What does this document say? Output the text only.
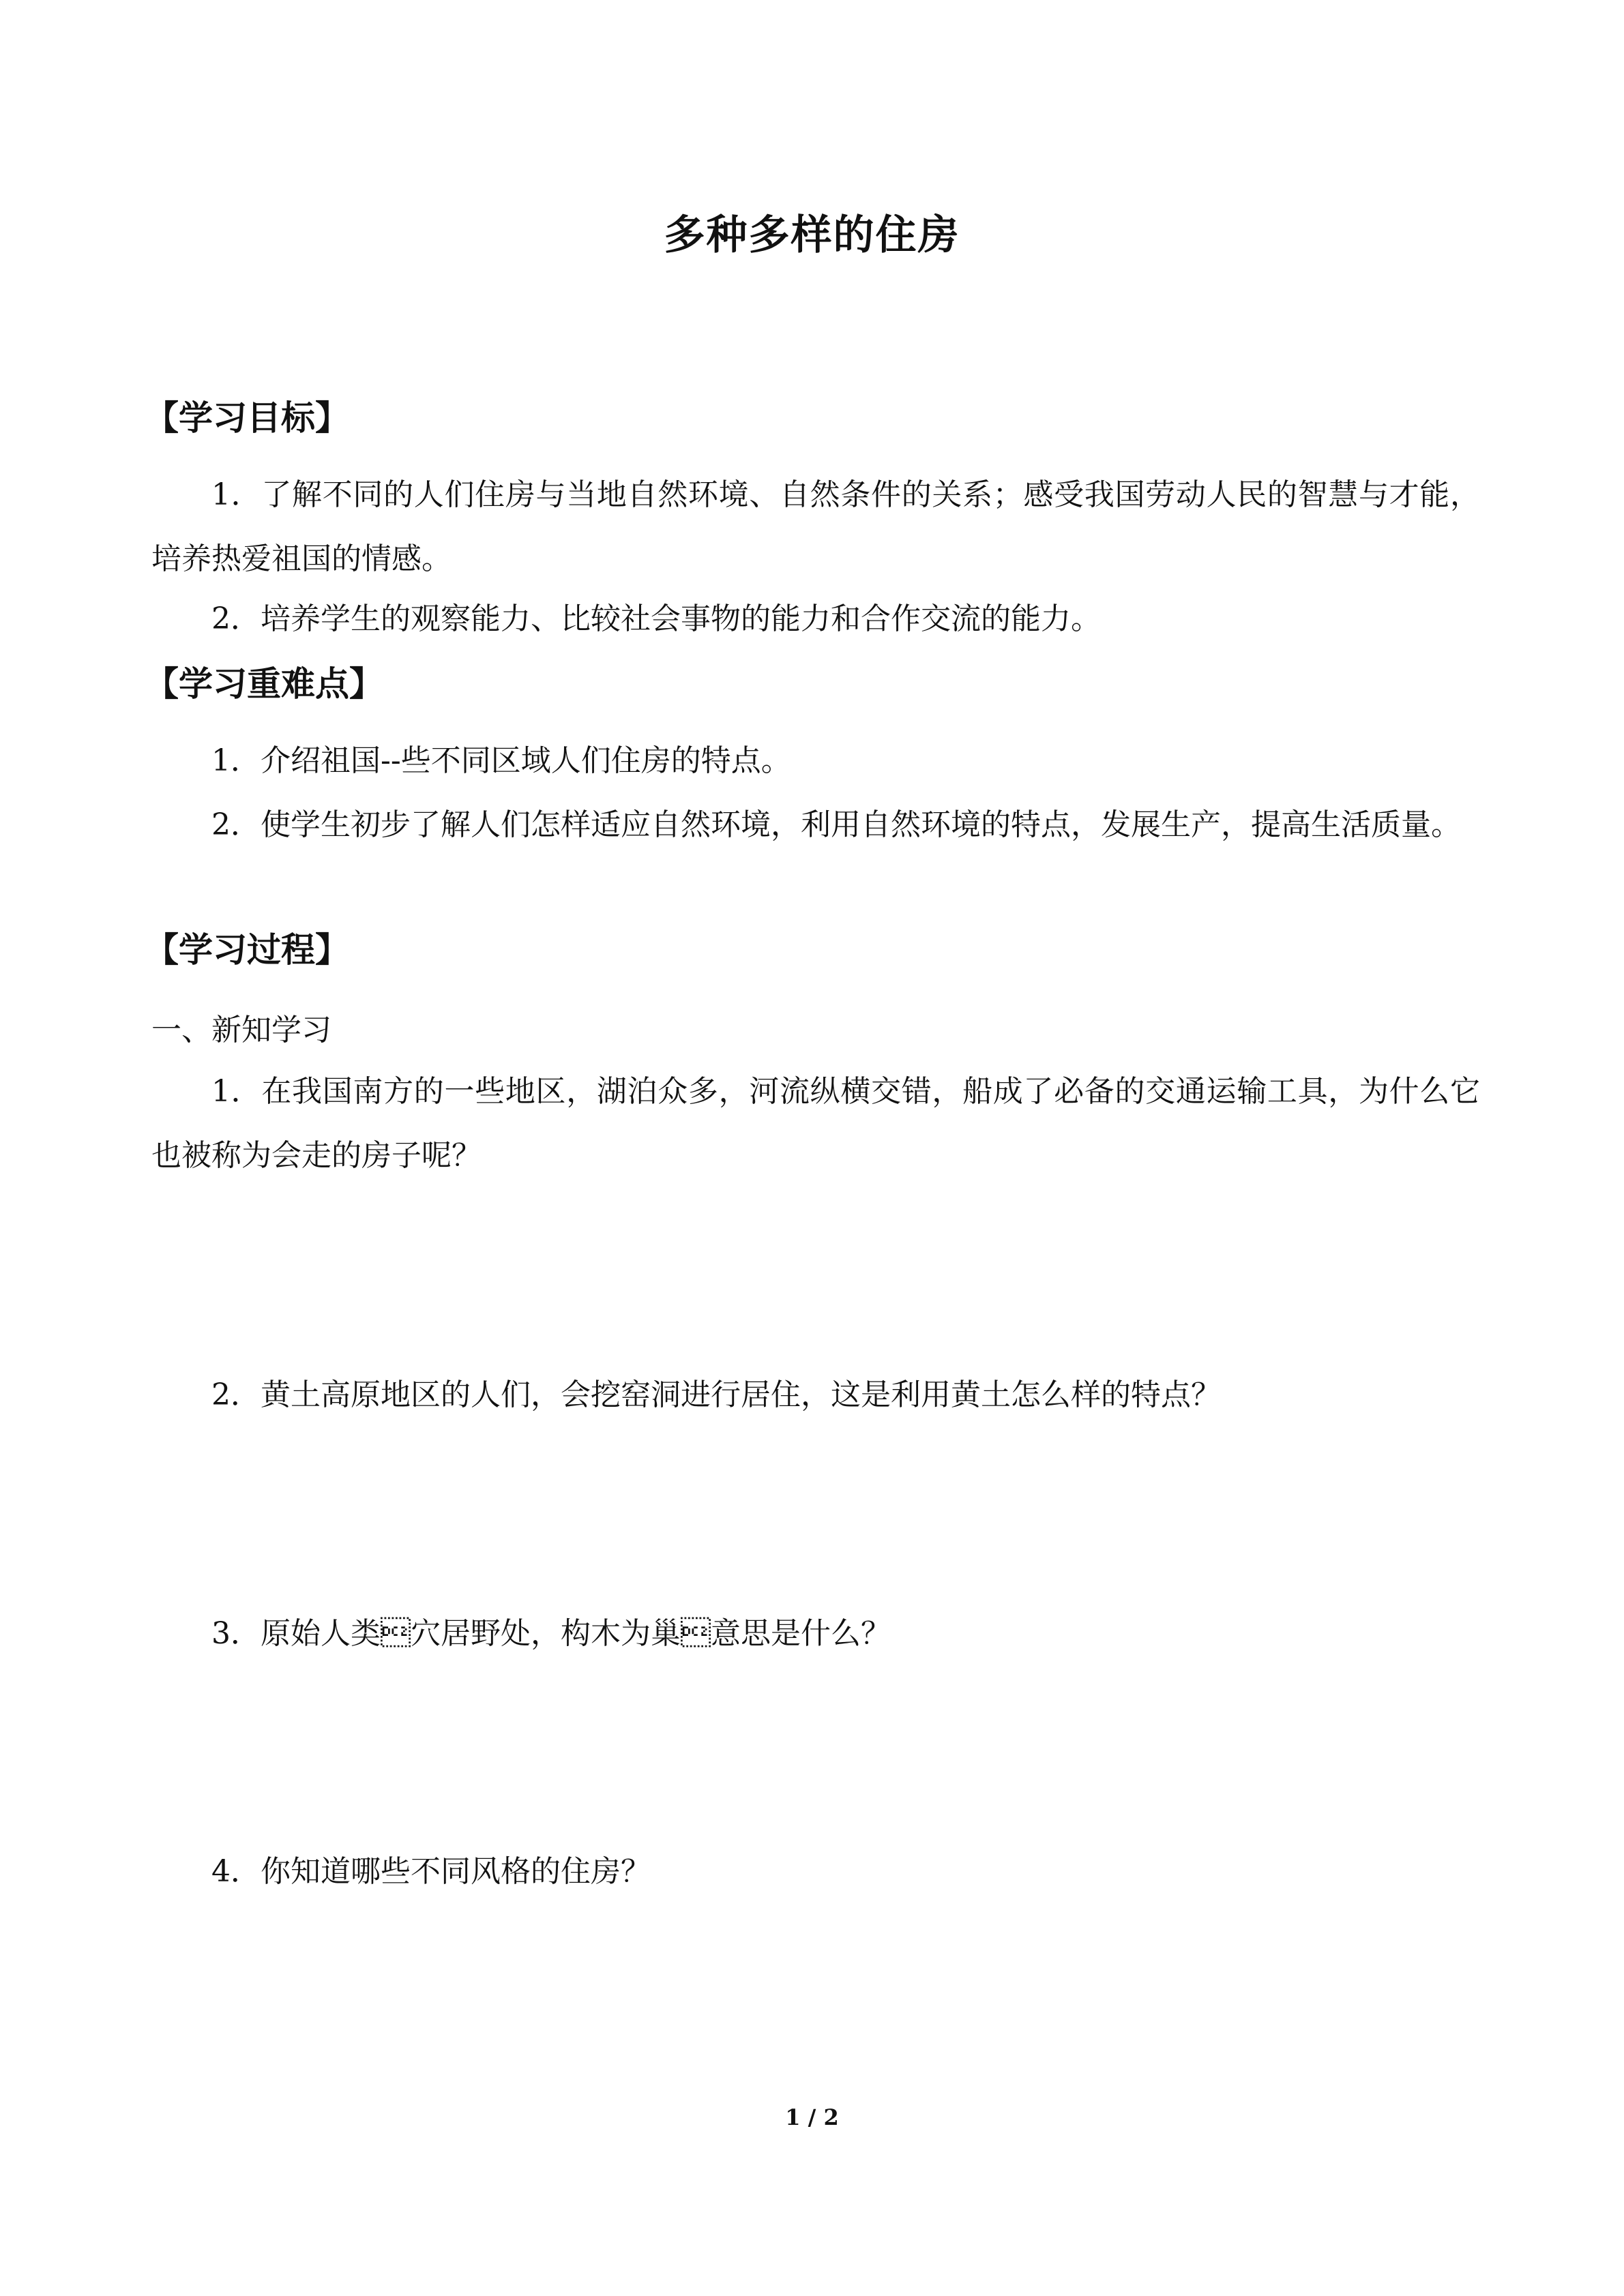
多种多样的住房
【学习目标】

1．了解不同的人们住房与当地自然环境、自然条件的关系；感受我国劳动人民的智慧与才能，培养热爱祖国的情感。

2．培养学生的观察能力、比较社会事物的能力和合作交流的能力。

【学习重难点】

1．介绍祖国--些不同区域人们住房的特点。

2．使学生初步了解人们怎样适应自然环境，利用自然环境的特点，发展生产，提高生活质量。

【学习过程】

一、新知学习

1．在我国南方的一些地区，湖泊众多，河流纵横交错，船成了必备的交通运输工具，为什么它也被称为会走的房子呢？

2．黄土高原地区的人们，会挖窑洞进行居住，这是利用黄土怎么样的特点？

3．原始人类穴居野处，构木为巢意思是什么？

4．你知道哪些不同风格的住房？

1 / 2
